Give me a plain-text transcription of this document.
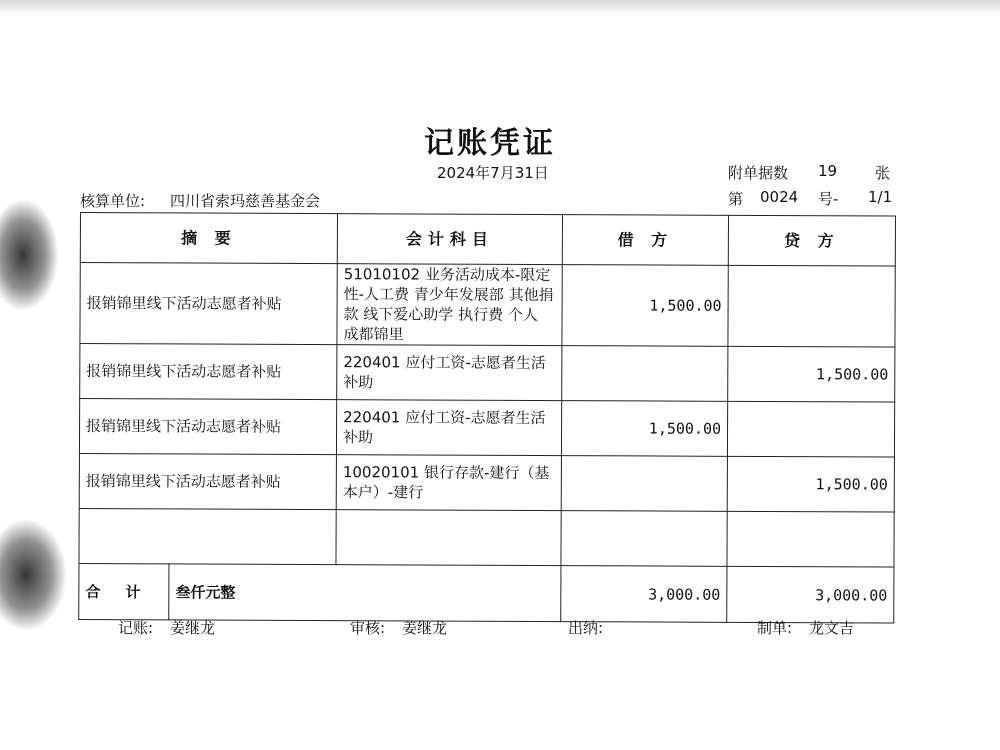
记账凭证
2024年7月31日	附单据数 19	张
核算单位: 四川省索玛慈善基金会	第 0024 号- 1/1
摘 要		会计科目	借 方	贷 方
报销锦里线下活动志愿者补贴		51010102 业务活动成本-限定性-人工费 青少年发展部 其他捐款 线下爱心助学 执行费 个人 成都锦里	1,500.00	
报销锦里线下活动志愿者补贴		220401 应付工资-志愿者生活补助		1,500.00
报销锦里线下活动志愿者补贴		220401 应付工资-志愿者生活补助	1,500.00	
报销锦里线下活动志愿者补贴		10020101 银行存款-建行（基本户）-建行		1,500.00

合 计	叁仟元整		3,000.00	3,000.00
记账: 姜继龙	审核: 姜继龙	出纳:	制单: 龙文吉
